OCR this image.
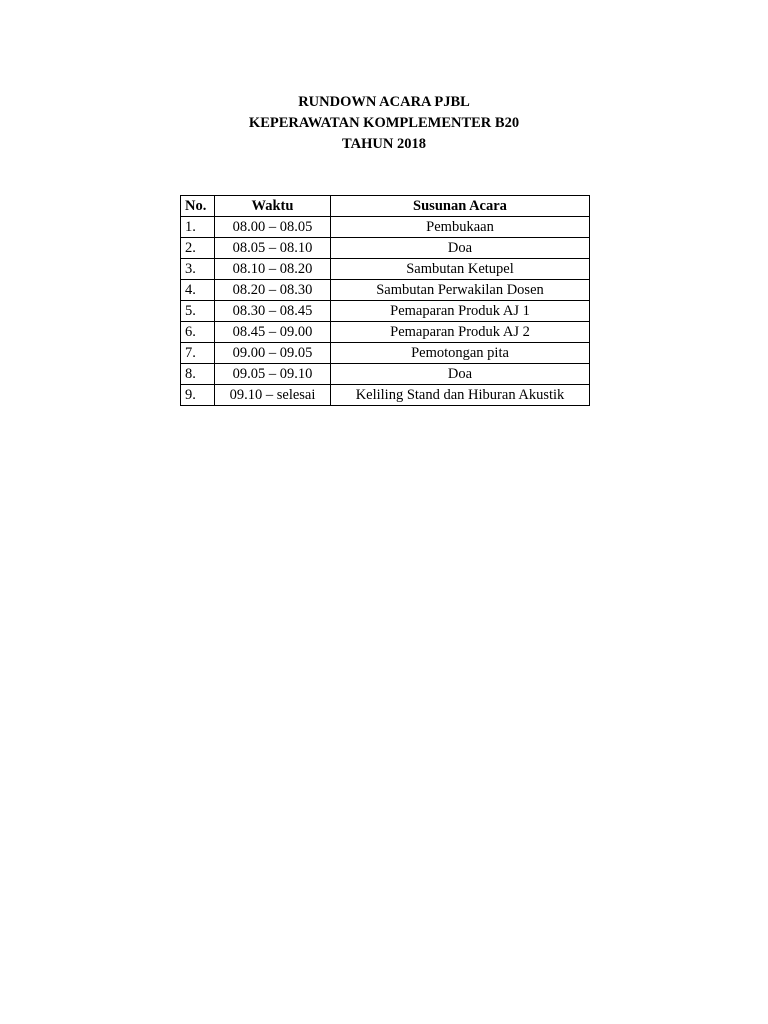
RUNDOWN ACARA PJBL
KEPERAWATAN KOMPLEMENTER B20
TAHUN 2018
No.	Waktu	Susunan Acara
1.	08.00 – 08.05	Pembukaan
2.	08.05 – 08.10	Doa
3.	08.10 – 08.20	Sambutan Ketupel
4.	08.20 – 08.30	Sambutan Perwakilan Dosen
5.	08.30 – 08.45	Pemaparan Produk AJ 1
6.	08.45 – 09.00	Pemaparan Produk AJ 2
7.	09.00 – 09.05	Pemotongan pita
8.	09.05 – 09.10	Doa
9.	09.10 – selesai	Keliling Stand dan Hiburan Akustik
